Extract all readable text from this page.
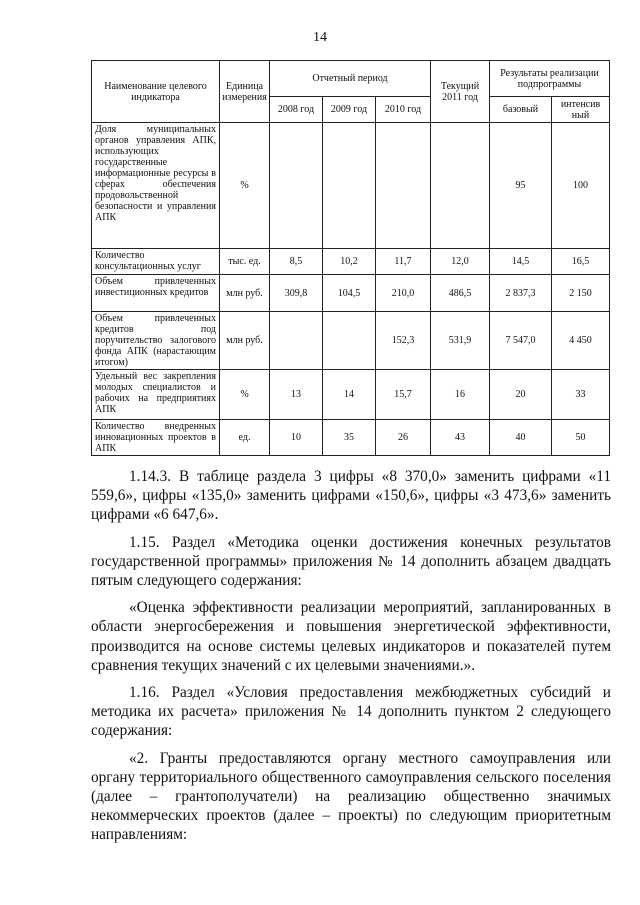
14
Наименование целевого индикатора	Единица измерения	Отчетный период			Текущий 2011 год	Результаты реализации подпрограммы	
		2008 год	2009 год	2010 год		базовый	интенсив ный
Доля муниципальных органов управления АПК, использующих государственные информационные ресурсы в сферах обеспечения продовольственной безопасности и управления АПК	%					95	100
Количество консультационных услуг	тыс. ед.	8,5	10,2	11,7	12,0	14,5	16,5
Объем привлеченных инвестиционных кредитов	млн руб.	309,8	104,5	210,0	486,5	2 837,3	2 150
Объем привлеченных кредитов под поручительство залогового фонда АПК (нарастающим итогом)	млн руб.			152,3	531,9	7 547,0	4 450
Удельный вес закрепления молодых специалистов и рабочих на предприятиях АПК	%	13	14	15,7	16	20	33
Количество внедренных инновационных проектов в АПК	ед.	10	35	26	43	40	50

1.14.3. В таблице раздела 3 цифры «8 370,0» заменить цифрами «11 559,6», цифры «135,0» заменить цифрами «150,6», цифры «3 473,6» заменить цифрами «6 647,6».

1.15. Раздел «Методика оценки достижения конечных результатов государственной программы» приложения № 14 дополнить абзацем двадцать пятым следующего содержания:

«Оценка эффективности реализации мероприятий, запланированных в области энергосбережения и повышения энергетической эффективности, производится на основе системы целевых индикаторов и показателей путем сравнения текущих значений с их целевыми значениями.».

1.16. Раздел «Условия предоставления межбюджетных субсидий и методика их расчета» приложения № 14 дополнить пунктом 2 следующего содержания:

«2. Гранты предоставляются органу местного самоуправления или органу территориального общественного самоуправления сельского поселения (далее – грантополучатели) на реализацию общественно значимых некоммерческих проектов (далее – проекты) по следующим приоритетным направлениям:
